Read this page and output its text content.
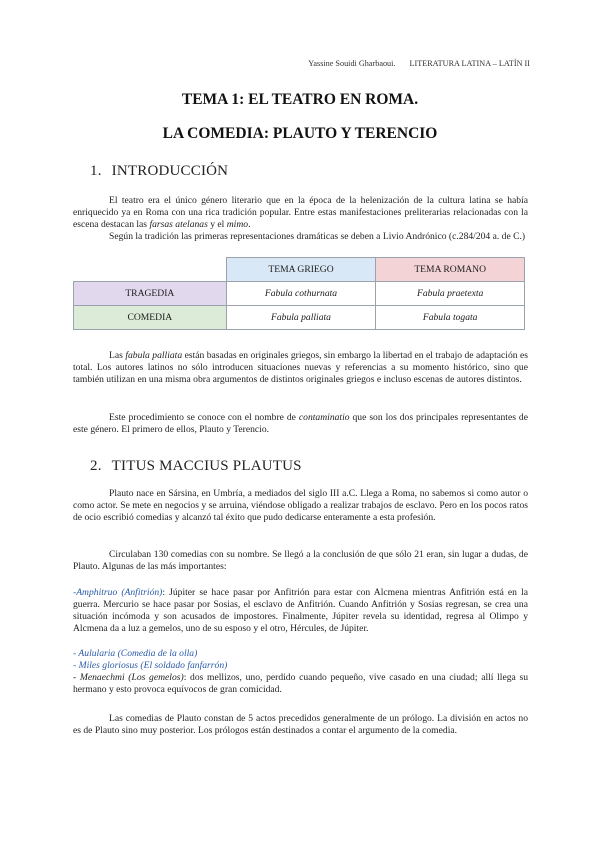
Yassine Souidi Gharbaoui. LITERATURA LATINA – LATÍN II
TEMA 1: EL TEATRO EN ROMA.
LA COMEDIA: PLAUTO Y TERENCIO
1. INTRODUCCIÓN

El teatro era el único género literario que en la época de la helenización de la cultura latina se había enriquecido ya en Roma con una rica tradición popular. Entre estas manifestaciones preliterarias relacionadas con la escena destacan las farsas atelanas y el mimo.

Según la tradición las primeras representaciones dramáticas se deben a Livio Andrónico (c.284/204 a. de C.)

	TEMA GRIEGO	TEMA ROMANO
TRAGEDIA	Fabula cothurnata	Fabula praetexta
COMEDIA	Fabula palliata	Fabula togata

Las fabula palliata están basadas en originales griegos, sin embargo la libertad en el trabajo de adaptación es total. Los autores latinos no sólo introducen situaciones nuevas y referencias a su momento histórico, sino que también utilizan en una misma obra argumentos de distintos originales griegos e incluso escenas de autores distintos.

Este procedimiento se conoce con el nombre de contaminatio que son los dos principales representantes de este género. El primero de ellos, Plauto y Terencio.

2. TITUS MACCIUS PLAUTUS

Plauto nace en Sársina, en Umbría, a mediados del siglo III a.C. Llega a Roma, no sabemos si como autor o como actor. Se mete en negocios y se arruina, viéndose obligado a realizar trabajos de esclavo. Pero en los pocos ratos de ocio escribió comedias y alcanzó tal éxito que pudo dedicarse enteramente a esta profesión.

Circulaban 130 comedias con su nombre. Se llegó a la conclusión de que sólo 21 eran, sin lugar a dudas, de Plauto. Algunas de las más importantes:

-Amphitruo (Anfitrión): Júpiter se hace pasar por Anfitrión para estar con Alcmena mientras Anfitrión está en la guerra. Mercurio se hace pasar por Sosias, el esclavo de Anfitrión. Cuando Anfitrión y Sosias regresan, se crea una situación incómoda y son acusados de impostores. Finalmente, Júpiter revela su identidad, regresa al Olimpo y Alcmena da a luz a gemelos, uno de su esposo y el otro, Hércules, de Júpiter.

- Aulularia (Comedia de la olla)

- Miles gloriosus (El soldado fanfarrón)

- Menaechmi (Los gemelos): dos mellizos, uno, perdido cuando pequeño, vive casado en una ciudad; allí llega su hermano y esto provoca equívocos de gran comicidad.

Las comedias de Plauto constan de 5 actos precedidos generalmente de un prólogo. La división en actos no es de Plauto sino muy posterior. Los prólogos están destinados a contar el argumento de la comedia.
